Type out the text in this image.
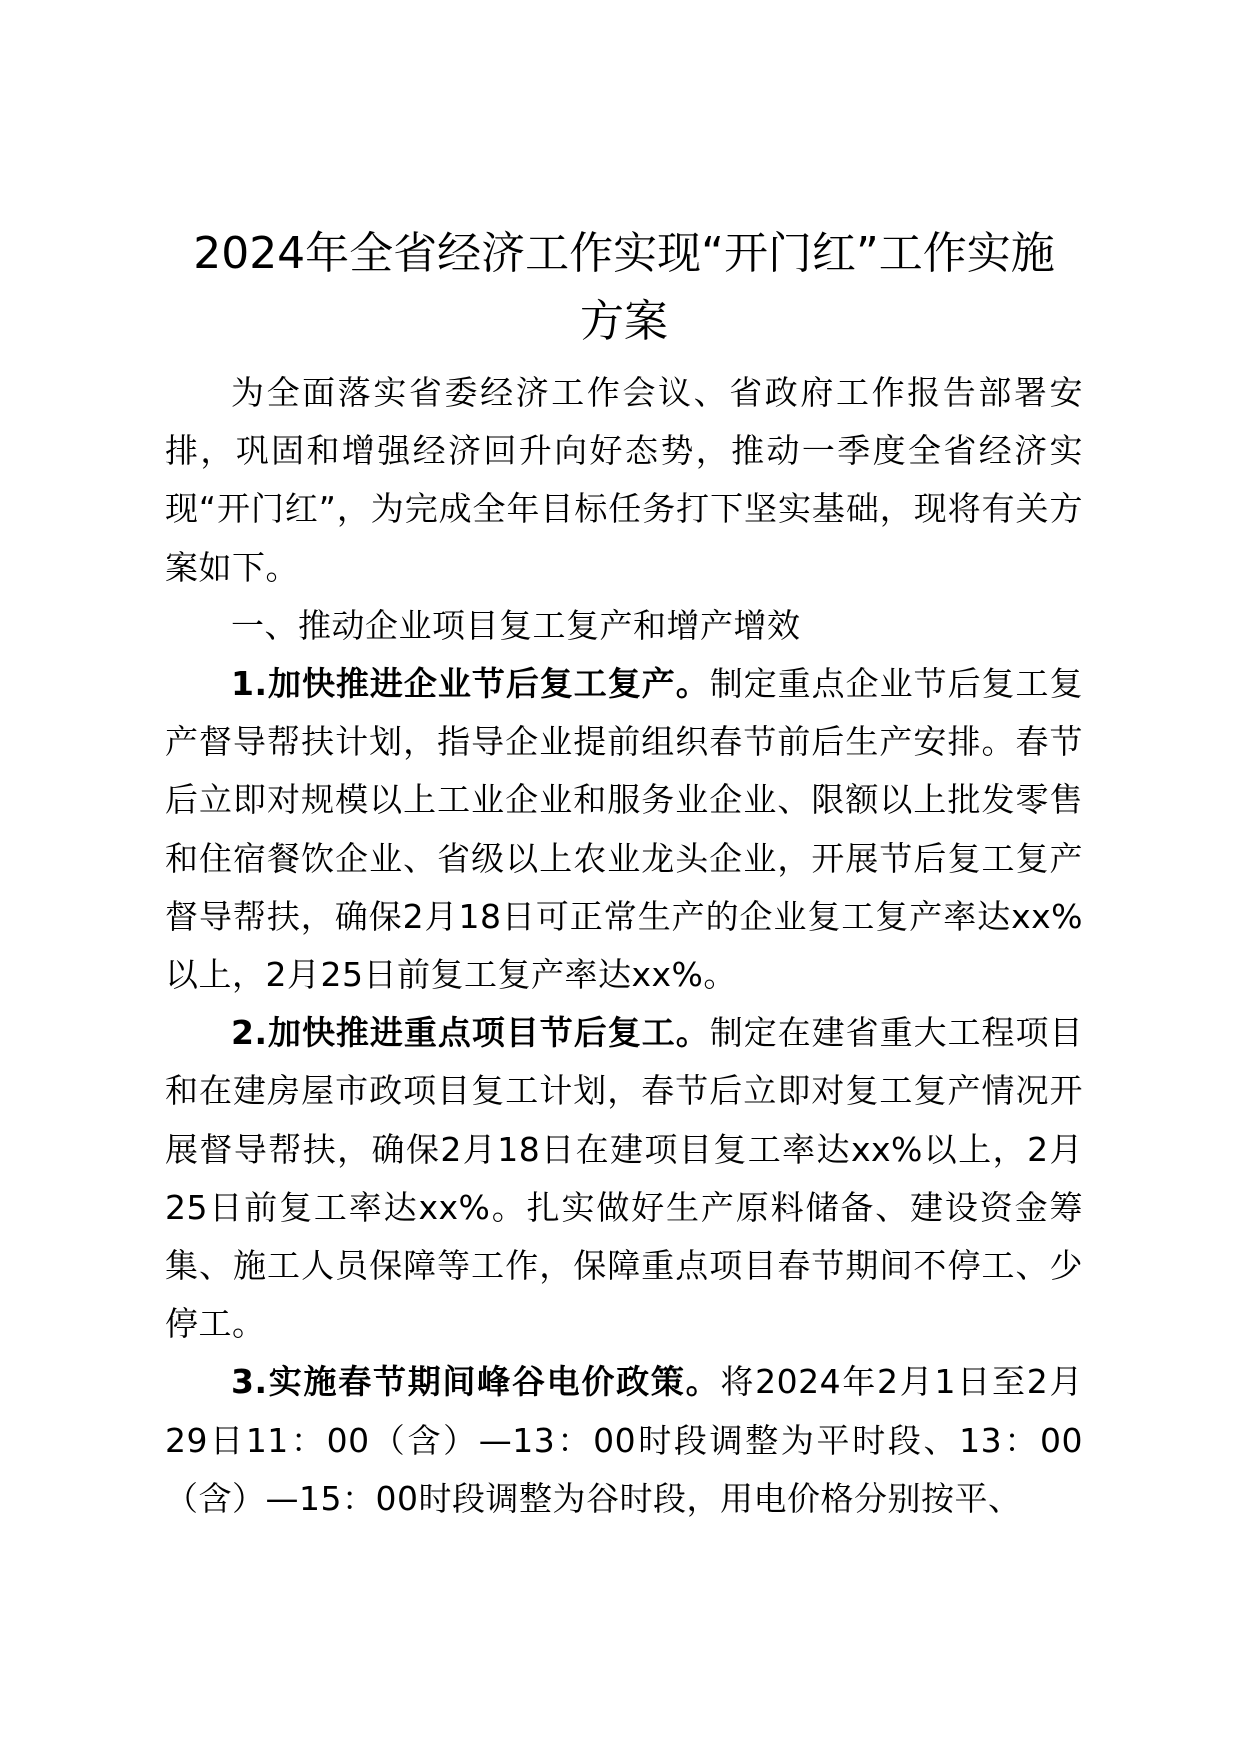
2024年全省经济工作实现“开门红”工作实施
方案

为全面落实省委经济工作会议、省政府工作报告部署安排，巩固和增强经济回升向好态势，推动一季度全省经济实现“开门红”，为完成全年目标任务打下坚实基础，现将有关方案如下。

一、推动企业项目复工复产和增产增效

1.加快推进企业节后复工复产。制定重点企业节后复工复产督导帮扶计划，指导企业提前组织春节前后生产安排。春节后立即对规模以上工业企业和服务业企业、限额以上批发零售和住宿餐饮企业、省级以上农业龙头企业，开展节后复工复产督导帮扶，确保2月18日可正常生产的企业复工复产率达xx%以上，2月25日前复工复产率达xx%。

2.加快推进重点项目节后复工。制定在建省重大工程项目和在建房屋市政项目复工计划，春节后立即对复工复产情况开展督导帮扶，确保2月18日在建项目复工率达xx%以上，2月25日前复工率达xx%。扎实做好生产原料储备、建设资金筹集、施工人员保障等工作，保障重点项目春节期间不停工、少停工。

3.实施春节期间峰谷电价政策。将2024年2月1日至2月29日11：00（含）—13：00时段调整为平时段、13：00（含）—15：00时段调整为谷时段，用电价格分别按平、
